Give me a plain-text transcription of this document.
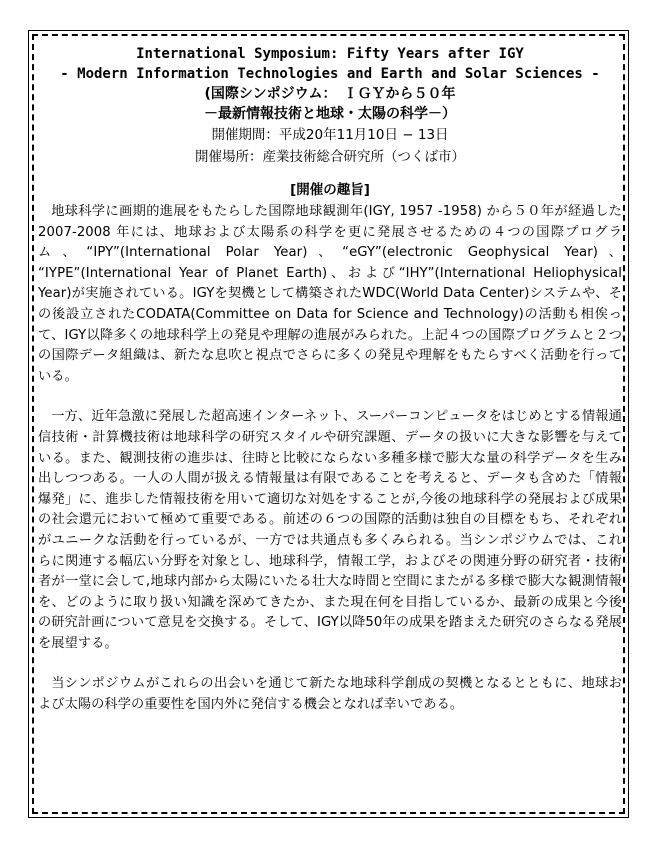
International Symposium: Fifty Years after IGY
- Modern Information Technologies and Earth and Solar Sciences -
(国際シンポジウム：　ＩＧＹから５０年
－最新情報技術と地球・太陽の科学－）
開催期間：平成20年11月10日 − 13日
開催場所：産業技術総合研究所（つくば市）
[開催の趣旨]

地球科学に画期的進展をもたらした国際地球観測年(IGY, 1957 -1958) から５０年が経過した2007-2008 年には、地球および太陽系の科学を更に発展させるための４つの国際プログラム、“IPY”(International Polar Year)、“eGY”(electronic Geophysical Year)、 “IYPE”(International Year of Planet Earth)、および“IHY”(International Heliophysical Year)が実施されている。IGYを契機として構築されたWDC(World Data Center)システムや、その後設立されたCODATA(Committee on Data for Science and Technology)の活動も相俟って、IGY以降多くの地球科学上の発見や理解の進展がみられた。上記４つの国際プログラムと２つの国際データ組織は、新たな息吹と視点でさらに多くの発見や理解をもたらすべく活動を行っている。

一方、近年急激に発展した超高速インターネット、スーパーコンピュータをはじめとする情報通信技術・計算機技術は地球科学の研究スタイルや研究課題、データの扱いに大きな影響を与えている。また、観測技術の進歩は、往時と比較にならない多種多様で膨大な量の科学データを生み出しつつある。一人の人間が扱える情報量は有限であることを考えると、データも含めた「情報爆発」に、進歩した情報技術を用いて適切な対処をすることが,今後の地球科学の発展および成果の社会還元において極めて重要である。前述の６つの国際的活動は独自の目標をもち、それぞれがユニークな活動を行っているが、一方では共通点も多くみられる。当シンポジウムでは、これらに関連する幅広い分野を対象とし、地球科学，情報工学，およびその関連分野の研究者・技術者が一堂に会して,地球内部から太陽にいたる壮大な時間と空間にまたがる多様で膨大な観測情報を、どのように取り扱い知識を深めてきたか、また現在何を目指しているか、最新の成果と今後の研究計画について意見を交換する。そして、IGY以降50年の成果を踏まえた研究のさらなる発展を展望する。

当シンポジウムがこれらの出会いを通じて新たな地球科学創成の契機となるとともに、地球および太陽の科学の重要性を国内外に発信する機会となれば幸いである。
